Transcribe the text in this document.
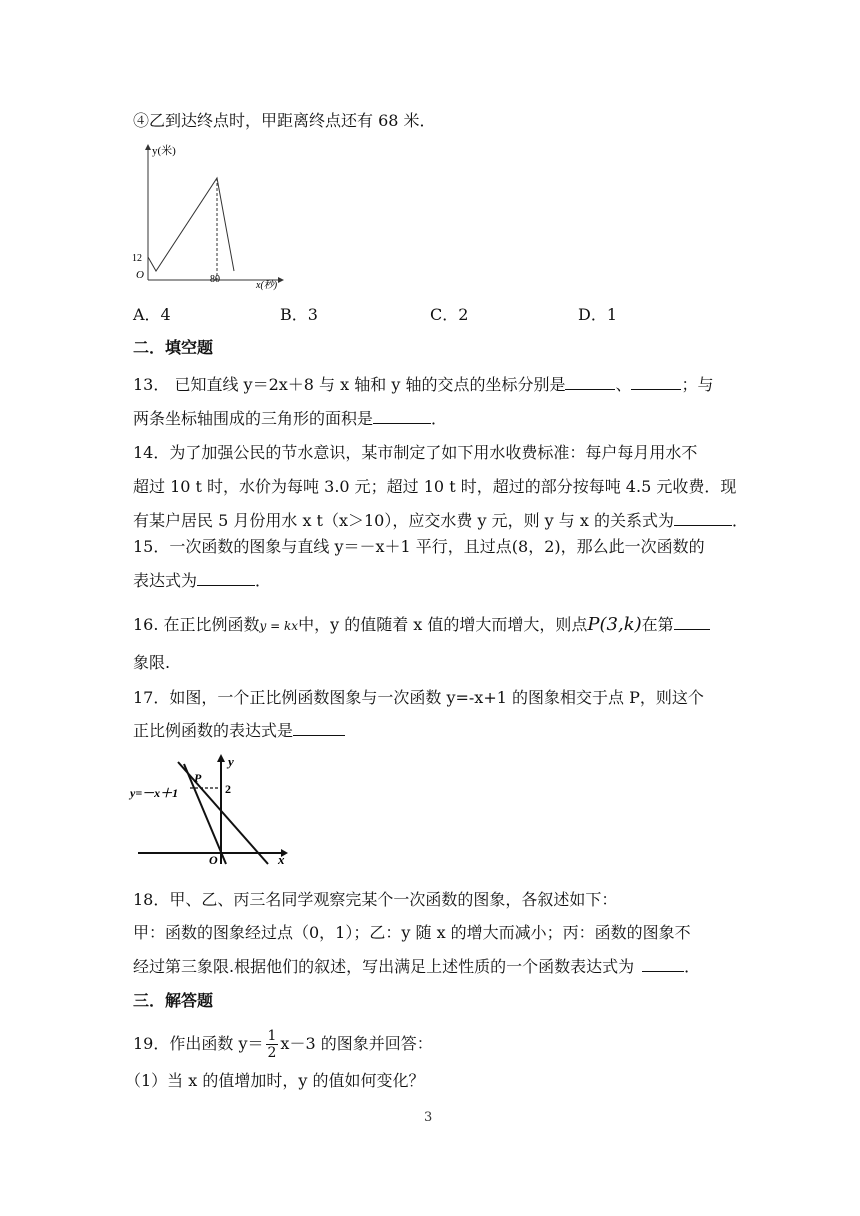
④乙到达终点时，甲距离终点还有 68 米．
y(米)
x(秒)
12
O	80
A．4	B．3	C．2	D．1
二．填空题
13． 已知直线 y＝2x＋8 与 x 轴和 y 轴的交点的坐标分别是	、	；与
两条坐标轴围成的三角形的面积是	．
14．为了加强公民的节水意识，某市制定了如下用水收费标准：每户每月用水不
超过 10 t 时，水价为每吨 3.0 元；超过 10 t 时，超过的部分按每吨 4.5 元收费．现
有某户居民 5 月份用水 x t（x＞10），应交水费 y 元，则 y 与 x 的关系式为	．
15．一次函数的图象与直线 y＝－x＋1 平行，且过点(8，2)，那么此一次函数的
表达式为	．
16. 在正比例函数y = kx中，y 的值随着 x 值的增大而增大，则点P(3,k)在第
象限.
17．如图，一个正比例函数图象与一次函数 y=-x+1 的图象相交于点 P，则这个
正比例函数的表达式是
y
x
2
P
y=－x＋1
O
18．甲、乙、丙三名同学观察完某个一次函数的图象，各叙述如下：
甲：函数的图象经过点（0，1）；乙：y 随 x 的增大而减小；丙：函数的图象不
经过第三象限.根据他们的叙述，写出满足上述性质的一个函数表达式为	．
三．解答题
19．作出函数 $y= \frac{1}{2} x-3$ 的图象并回答：
（1）当 x 的值增加时，y 的值如何变化？
3
